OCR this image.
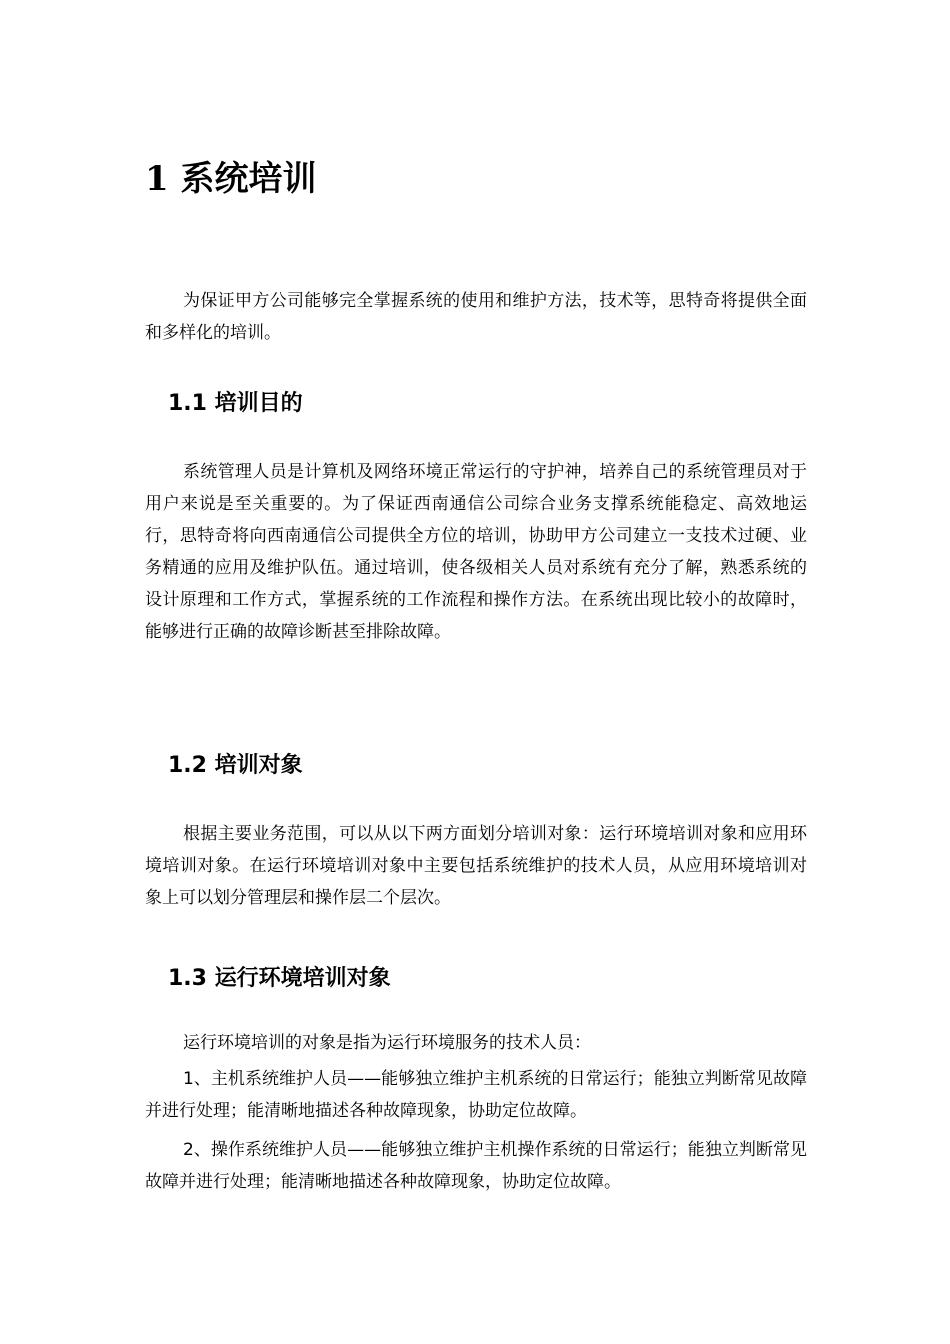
1 系统培训

为保证甲方公司能够完全掌握系统的使用和维护方法，技术等，思特奇将提供全面和多样化的培训。

1.1 培训目的

系统管理人员是计算机及网络环境正常运行的守护神，培养自己的系统管理员对于用户来说是至关重要的。为了保证西南通信公司综合业务支撑系统能稳定、高效地运行，思特奇将向西南通信公司提供全方位的培训，协助甲方公司建立一支技术过硬、业务精通的应用及维护队伍。通过培训，使各级相关人员对系统有充分了解，熟悉系统的设计原理和工作方式，掌握系统的工作流程和操作方法。在系统出现比较小的故障时，能够进行正确的故障诊断甚至排除故障。

1.2 培训对象

根据主要业务范围，可以从以下两方面划分培训对象：运行环境培训对象和应用环境培训对象。在运行环境培训对象中主要包括系统维护的技术人员，从应用环境培训对象上可以划分管理层和操作层二个层次。

1.3 运行环境培训对象

运行环境培训的对象是指为运行环境服务的技术人员：

1、主机系统维护人员——能够独立维护主机系统的日常运行；能独立判断常见故障并进行处理；能清晰地描述各种故障现象，协助定位故障。

2、操作系统维护人员——能够独立维护主机操作系统的日常运行；能独立判断常见故障并进行处理；能清晰地描述各种故障现象，协助定位故障。
